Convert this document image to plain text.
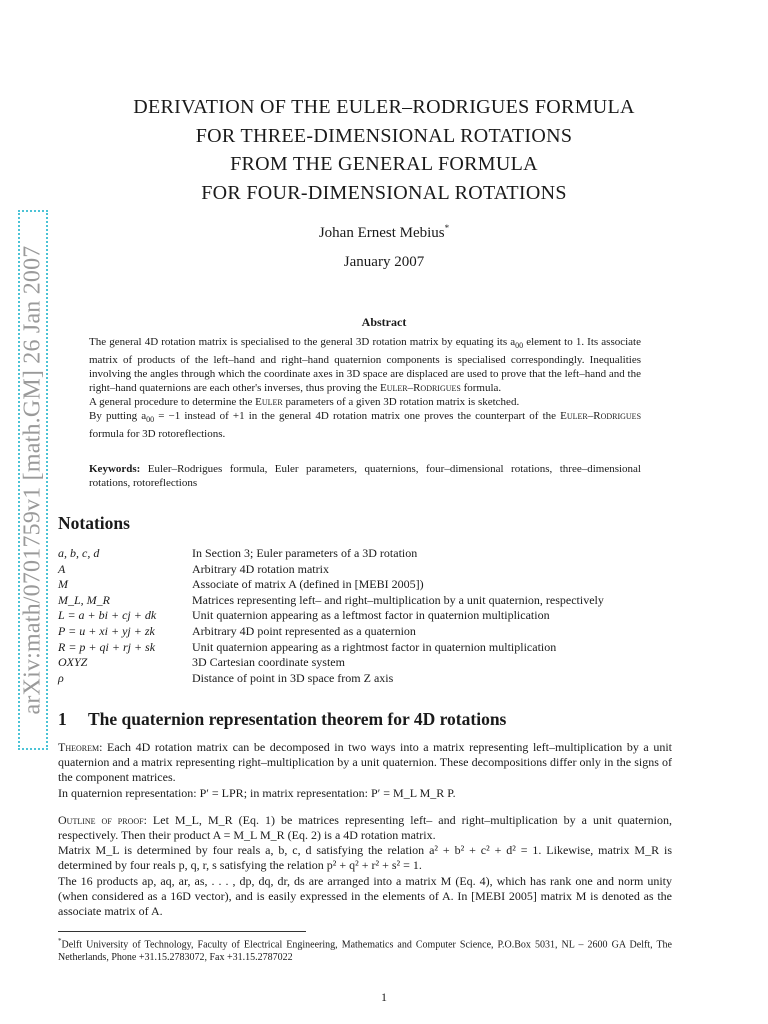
arXiv:math/0701759v1 [math.GM] 26 Jan 2007
DERIVATION OF THE EULER–RODRIGUES FORMULA
FOR THREE-DIMENSIONAL ROTATIONS
FROM THE GENERAL FORMULA
FOR FOUR-DIMENSIONAL ROTATIONS
Johan Ernest Mebius*
January 2007
Abstract

The general 4D rotation matrix is specialised to the general 3D rotation matrix by equating its $a_{00}$ element to 1. Its associate matrix of products of the left–hand and right–hand quaternion components is specialised correspondingly. Inequalities involving the angles through which the coordinate axes in 3D space are displaced are used to prove that the left–hand and the right–hand quaternions are each other's inverses, thus proving the Euler–Rodrigues formula.

A general procedure to determine the Euler parameters of a given 3D rotation matrix is sketched.

By putting $a_{00} = -1$ instead of +1 in the general 4D rotation matrix one proves the counterpart of the Euler–Rodrigues formula for 3D rotoreflections.

Keywords: Euler–Rodrigues formula, Euler parameters, quaternions, four–dimensional rotations, three–dimensional rotations, rotoreflections
Notations
a, b, c, d	In Section 3; Euler parameters of a 3D rotation
A	Arbitrary 4D rotation matrix
M	Associate of matrix A (defined in [MEBI 2005])
M_L, M_R	Matrices representing left– and right–multiplication by a unit quaternion, respectively
L = a + bi + cj + dk	Unit quaternion appearing as a leftmost factor in quaternion multiplication
P = u + xi + yj + zk	Arbitrary 4D point represented as a quaternion
R = p + qi + rj + sk	Unit quaternion appearing as a rightmost factor in quaternion multiplication
OXYZ	3D Cartesian coordinate system
ρ	Distance of point in 3D space from Z axis
1 The quaternion representation theorem for 4D rotations

Theorem: Each 4D rotation matrix can be decomposed in two ways into a matrix representing left–multiplication by a unit quaternion and a matrix representing right–multiplication by a unit quaternion. These decompositions differ only in the signs of the component matrices.

In quaternion representation: P′ = LPR; in matrix representation: P′ = M_L M_R P.

Outline of proof: Let M_L, M_R (Eq. 1) be matrices representing left– and right–multiplication by a unit quaternion, respectively. Then their product A = M_L M_R (Eq. 2) is a 4D rotation matrix.

Matrix M_L is determined by four reals a, b, c, d satisfying the relation a² + b² + c² + d² = 1. Likewise, matrix M_R is determined by four reals p, q, r, s satisfying the relation p² + q² + r² + s² = 1.

The 16 products ap, aq, ar, as, . . . , dp, dq, dr, ds are arranged into a matrix M (Eq. 4), which has rank one and norm unity (when considered as a 16D vector), and is easily expressed in the elements of A. In [MEBI 2005] matrix M is denoted as the associate matrix of A.

*Delft University of Technology, Faculty of Electrical Engineering, Mathematics and Computer Science, P.O.Box 5031, NL – 2600 GA Delft, The Netherlands, Phone +31.15.2783072, Fax +31.15.2787022
1
